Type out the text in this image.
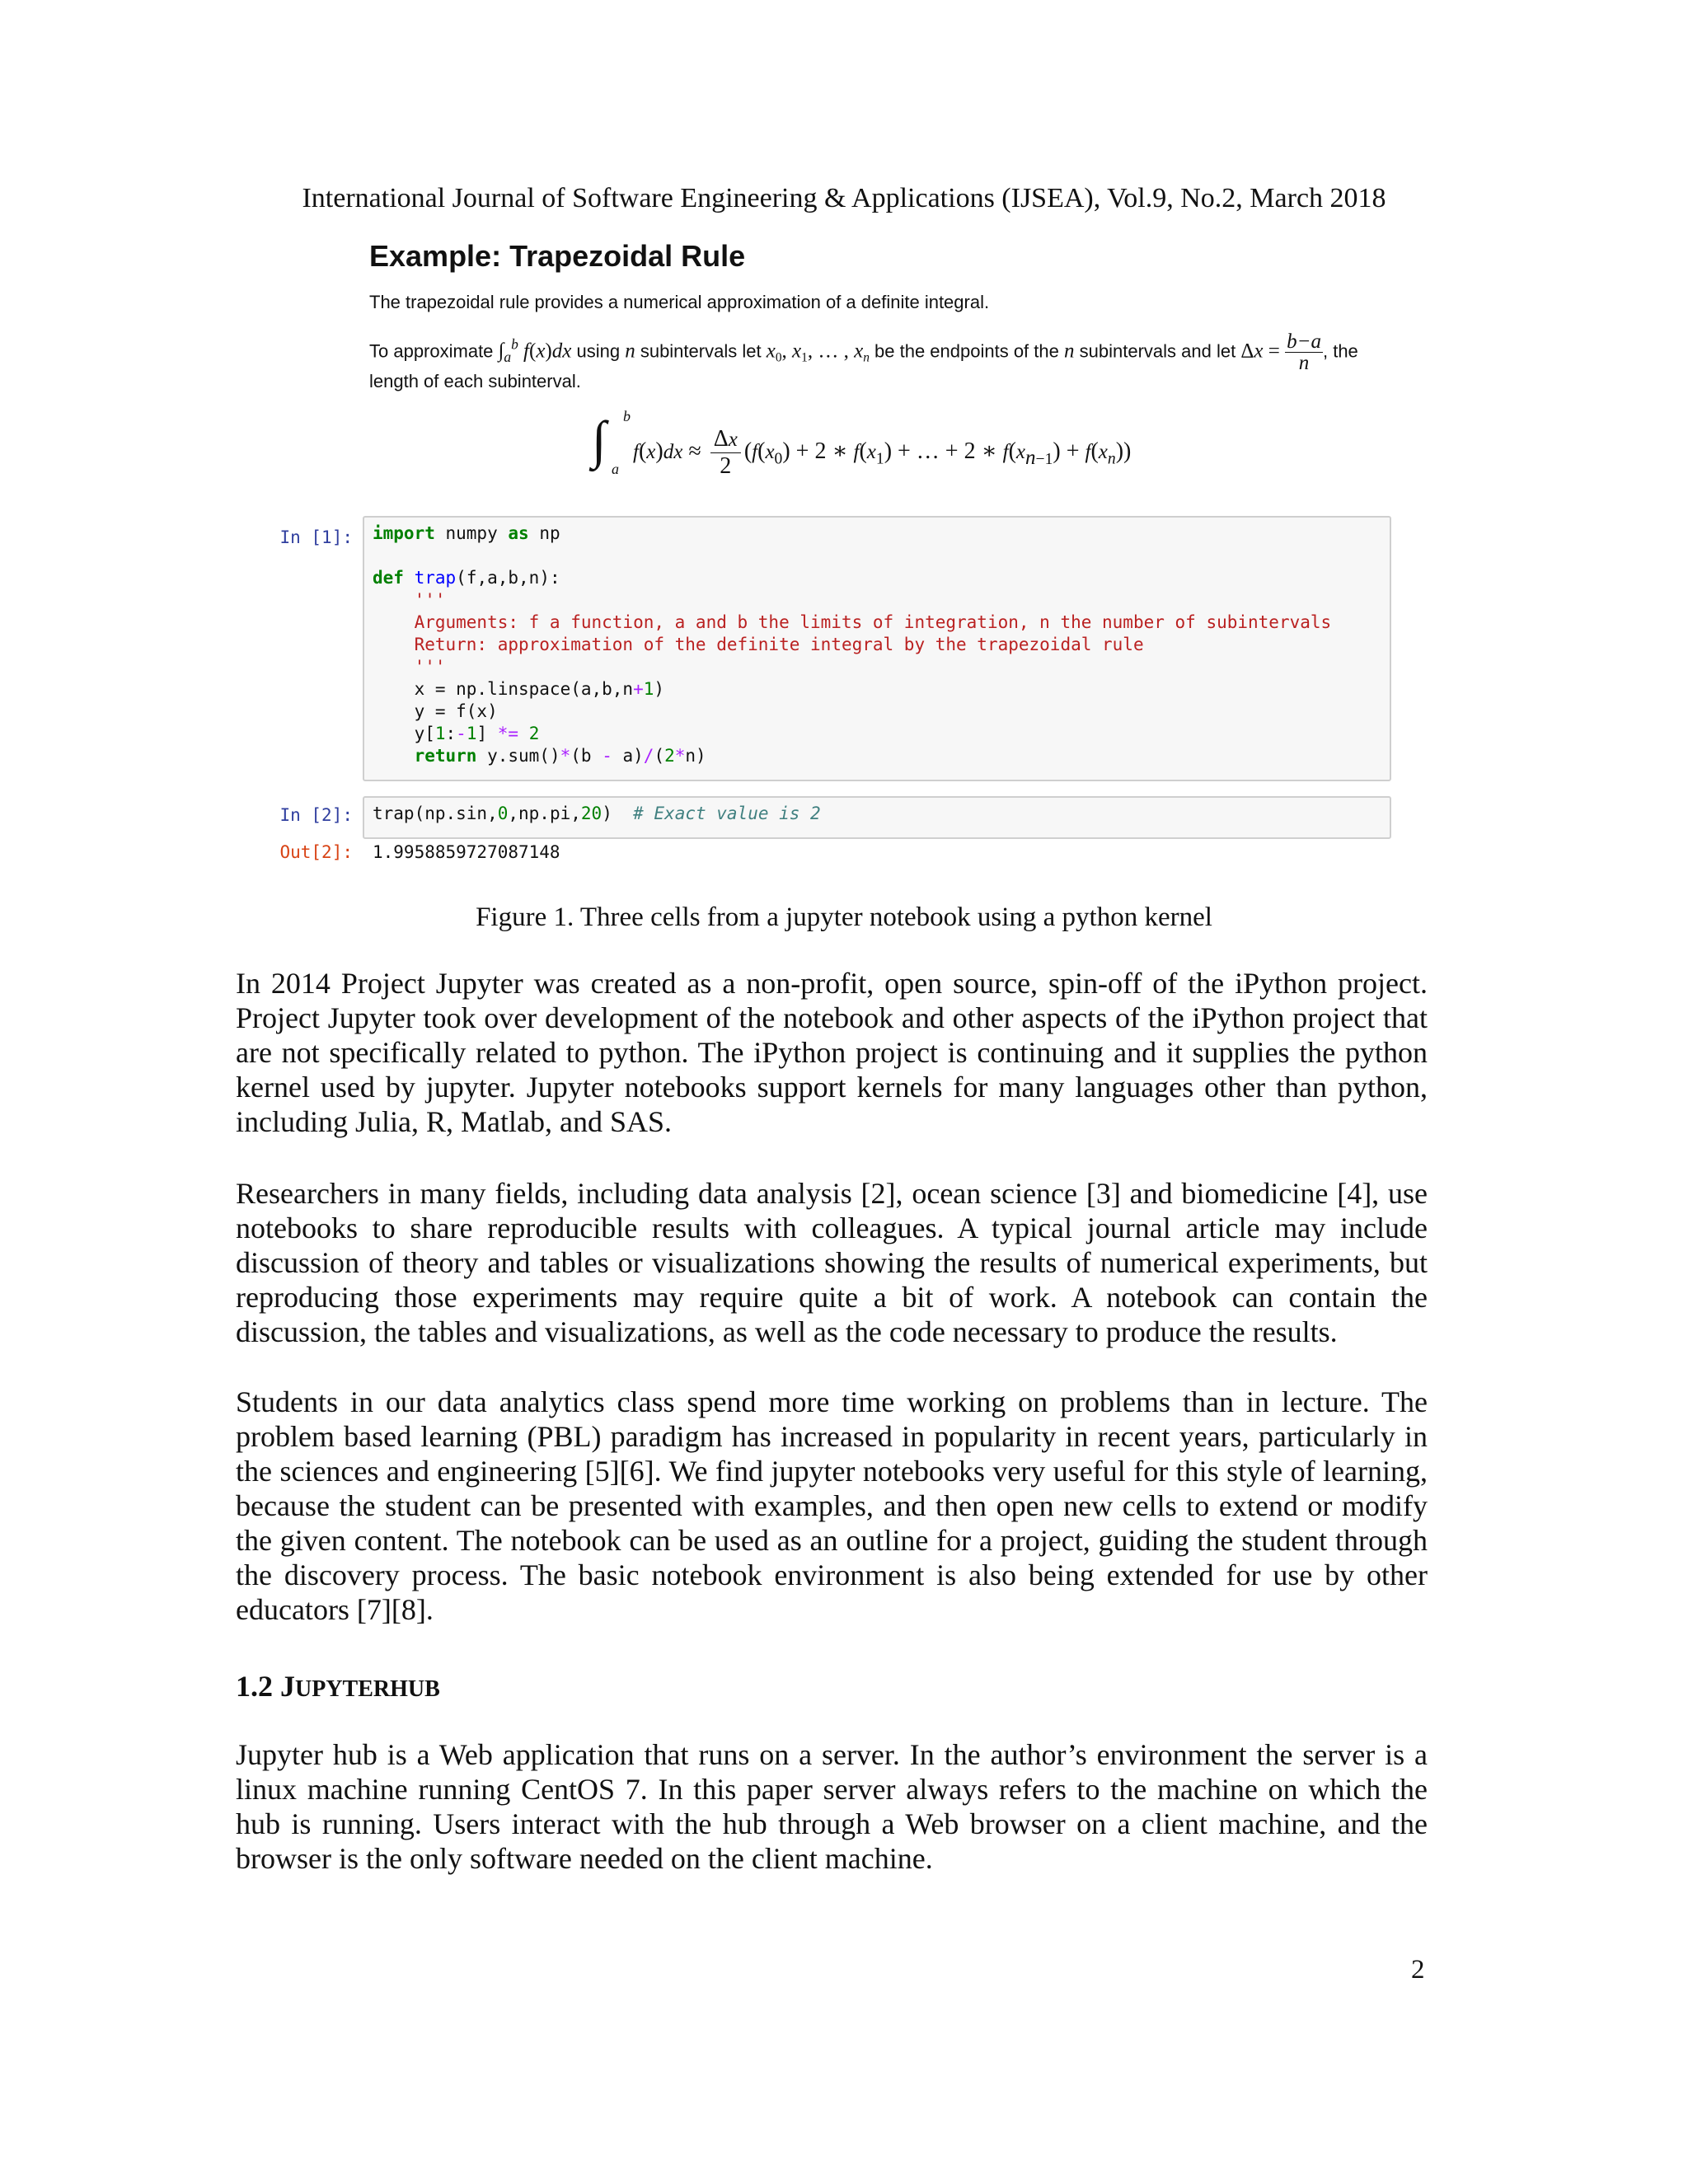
International Journal of Software Engineering & Applications (IJSEA), Vol.9, No.2, March 2018
Example: Trapezoidal Rule
The trapezoidal rule provides a numerical approximation of a definite integral.
To approximate $\int_a^b$ f(x)dx using n subintervals let $x_0$, $x_1$, … , $x_n$ be the endpoints of the n subintervals and let $\Delta x = \frac{b-a}{n}$ , the
length of each subinterval.
∫ b
a
$f(x)dx \approx \frac{\Delta x}{2} (f(x_0) + 2$ ∗ $f(x_1)$ + … + 2 ∗ $f(x_{n-1}) + f(x_n)$)
In [1]:	import numpy as np

def trap(f,a,b,n):
'''
Arguments: f a function, a and b the limits of integration, n the number of subintervals
Return: approximation of the definite integral by the trapezoidal rule
'''
x = np.linspace(a,b,n+1)
y = f(x)
y[1:-1] *= 2
return y.sum()*(b - a)/(2*n)
In [2]:	trap(np.sin,0,np.pi,20)  # Exact value is 2
Out[2]: 1.9958859727087148
Figure 1. Three cells from a jupyter notebook using a python kernel

In 2014 Project Jupyter was created as a non-profit, open source, spin-off of the iPython project. Project Jupyter took over development of the notebook and other aspects of the iPython project that are not specifically related to python. The iPython project is continuing and it supplies the python kernel used by jupyter. Jupyter notebooks support kernels for many languages other than python, including Julia, R, Matlab, and SAS.

Researchers in many fields, including data analysis [2], ocean science [3] and biomedicine [4], use notebooks to share reproducible results with colleagues. A typical journal article may include discussion of theory and tables or visualizations showing the results of numerical experiments, but reproducing those experiments may require quite a bit of work. A notebook can contain the discussion, the tables and visualizations, as well as the code necessary to produce the results.

Students in our data analytics class spend more time working on problems than in lecture. The problem based learning (PBL) paradigm has increased in popularity in recent years, particularly in the sciences and engineering [5][6]. We find jupyter notebooks very useful for this style of learning, because the student can be presented with examples, and then open new cells to extend or modify the given content. The notebook can be used as an outline for a project, guiding the student through the discovery process. The basic notebook environment is also being extended for use by other educators [7][8].

1.2 JUPYTERHUB

Jupyter hub is a Web application that runs on a server. In the author’s environment the server is a linux machine running CentOS 7. In this paper server always refers to the machine on which the hub is running. Users interact with the hub through a Web browser on a client machine, and the browser is the only software needed on the client machine.

2
